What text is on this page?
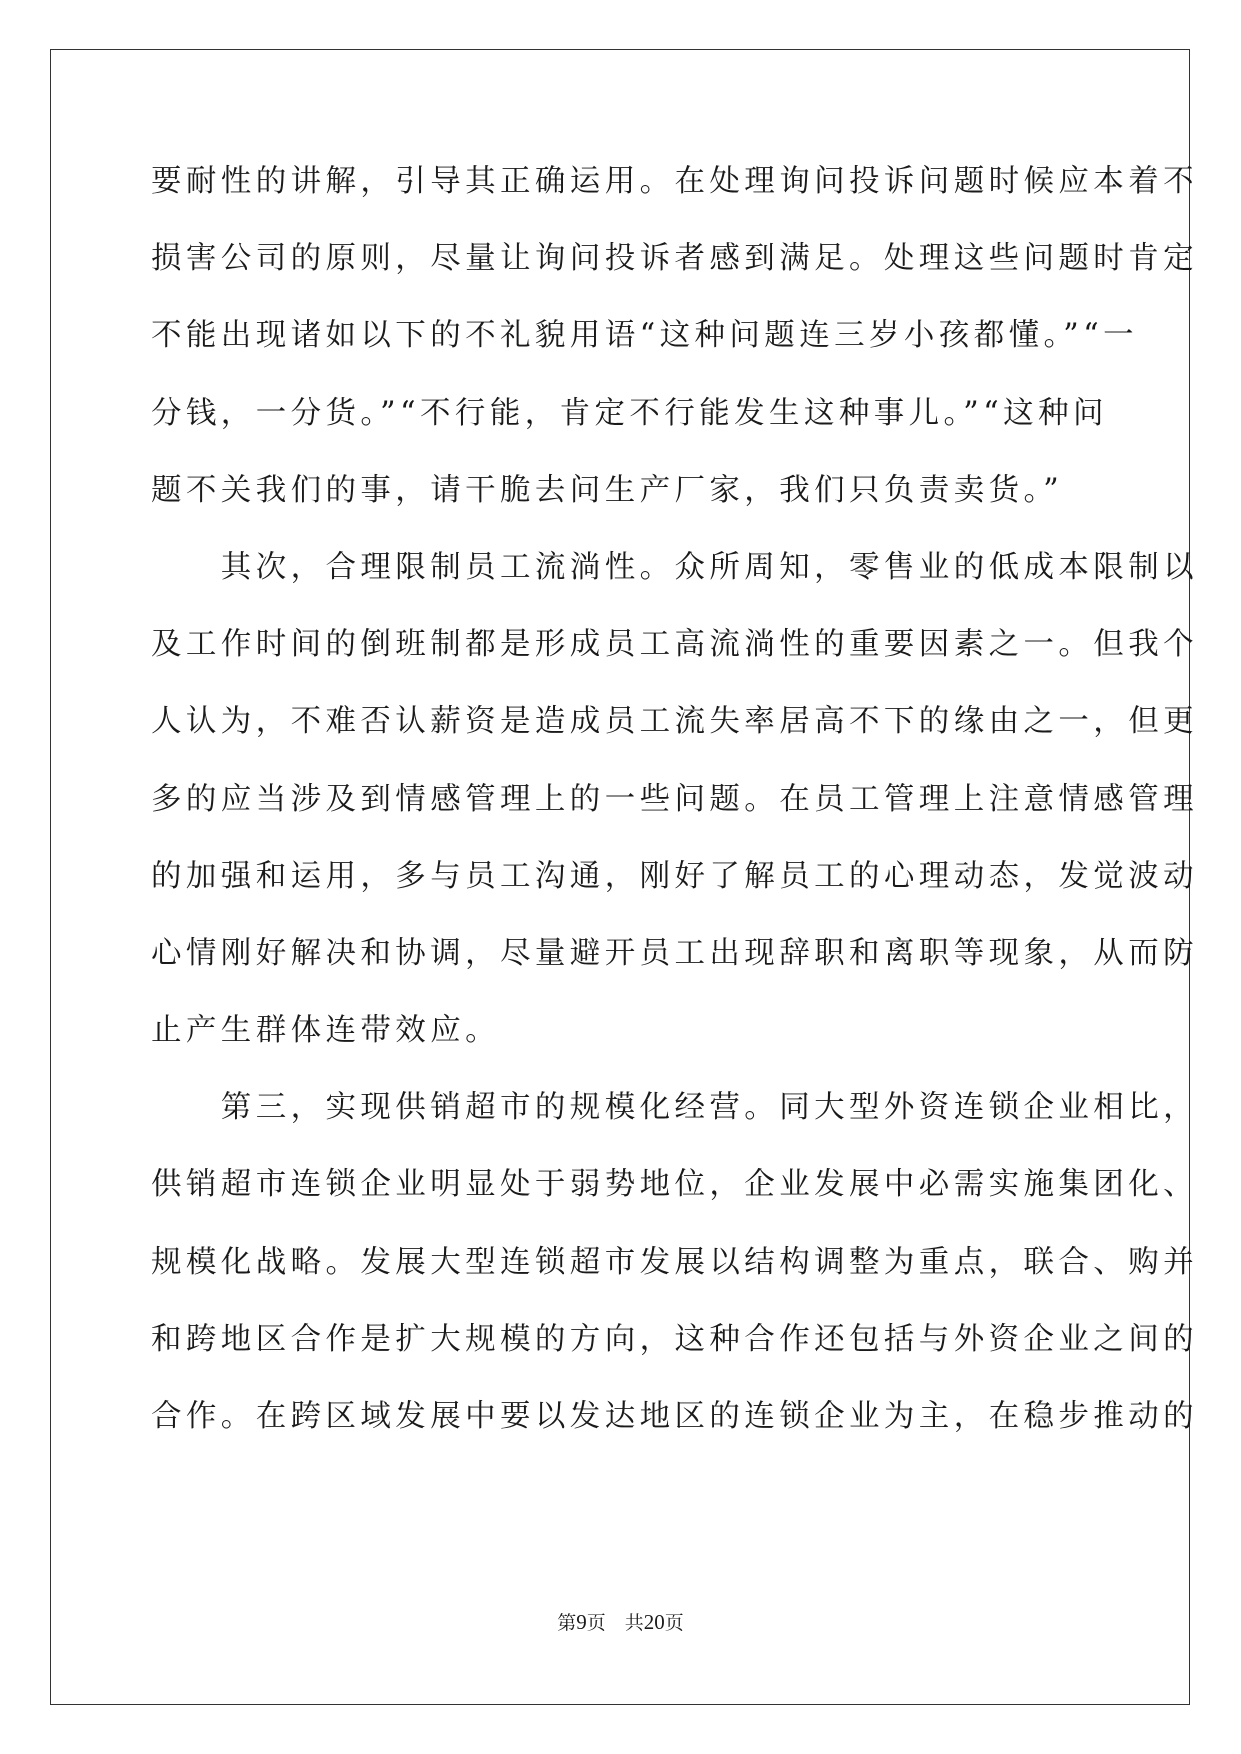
要耐性的讲解，引导其正确运用。在处理询问投诉问题时候应本着不
损害公司的原则，尽量让询问投诉者感到满足。处理这些问题时肯定
不能出现诸如以下的不礼貌用语“这种问题连三岁小孩都懂。”“一
分钱，一分货。”“不行能，肯定不行能发生这种事儿。”“这种问
题不关我们的事，请干脆去问生产厂家，我们只负责卖货。”
　　其次，合理限制员工流淌性。众所周知，零售业的低成本限制以
及工作时间的倒班制都是形成员工高流淌性的重要因素之一。但我个
人认为，不难否认薪资是造成员工流失率居高不下的缘由之一，但更
多的应当涉及到情感管理上的一些问题。在员工管理上注意情感管理
的加强和运用，多与员工沟通，刚好了解员工的心理动态，发觉波动
心情刚好解决和协调，尽量避开员工出现辞职和离职等现象，从而防
止产生群体连带效应。
　　第三，实现供销超市的规模化经营。同大型外资连锁企业相比，
供销超市连锁企业明显处于弱势地位，企业发展中必需实施集团化、
规模化战略。发展大型连锁超市发展以结构调整为重点，联合、购并
和跨地区合作是扩大规模的方向，这种合作还包括与外资企业之间的
合作。在跨区域发展中要以发达地区的连锁企业为主，在稳步推动的
第9页　共20页
